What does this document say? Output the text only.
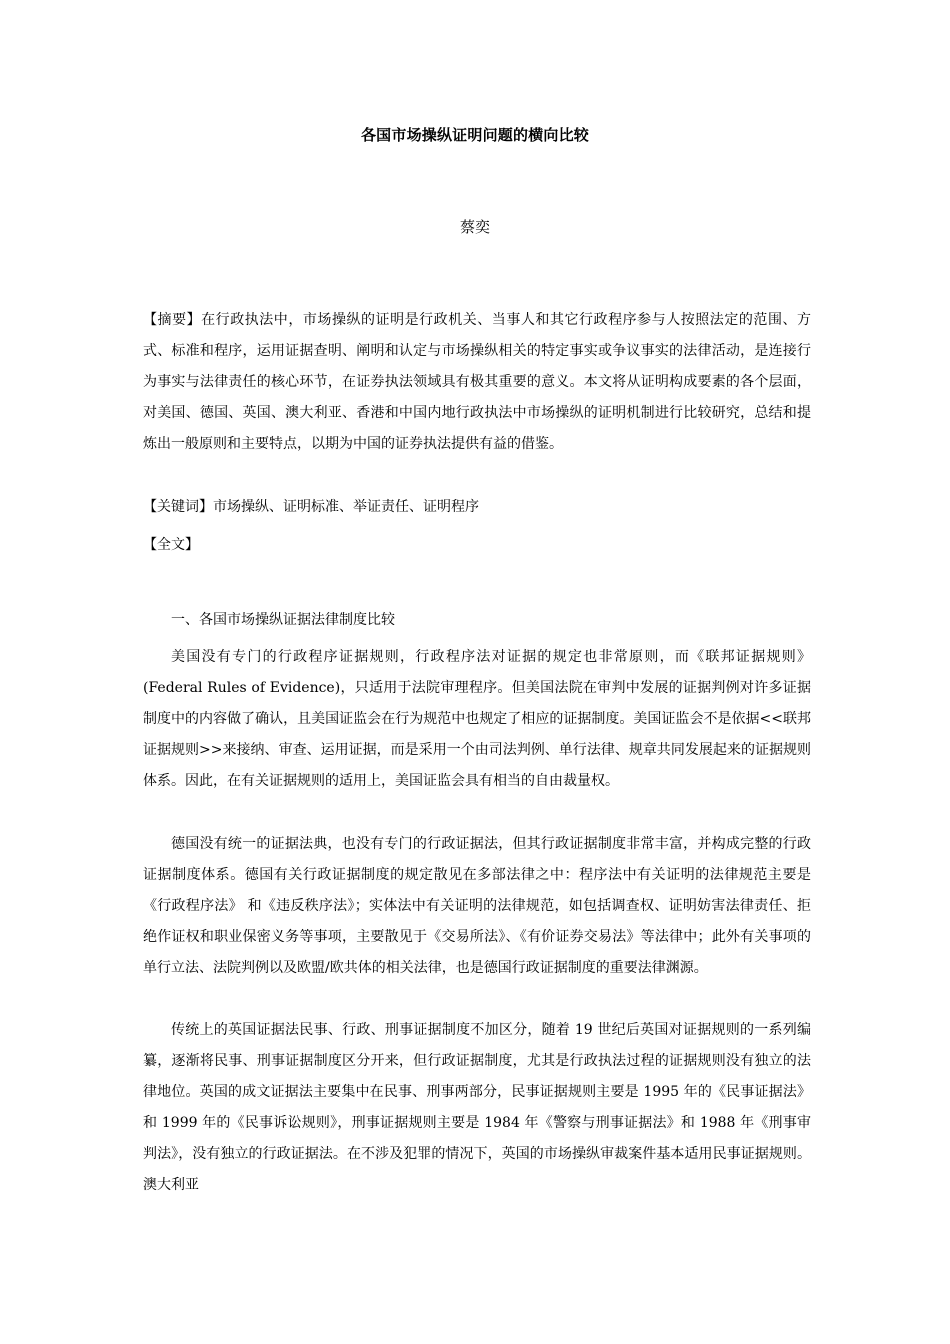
各国市场操纵证明问题的横向比较
蔡奕
【摘要】在行政执法中，市场操纵的证明是行政机关、当事人和其它行政程序参与人按照法定的范围、方式、标准和程序，运用证据查明、阐明和认定与市场操纵相关的特定事实或争议事实的法律活动，是连接行为事实与法律责任的核心环节，在证券执法领域具有极其重要的意义。本文将从证明构成要素的各个层面，对美国、德国、英国、澳大利亚、香港和中国内地行政执法中市场操纵的证明机制进行比较研究，总结和提炼出一般原则和主要特点，以期为中国的证券执法提供有益的借鉴。
【关键词】市场操纵、证明标准、举证责任、证明程序
【全文】
一、各国市场操纵证据法律制度比较
美国没有专门的行政程序证据规则，行政程序法对证据的规定也非常原则，而《联邦证据规则》(Federal Rules of Evidence)，只适用于法院审理程序。但美国法院在审判中发展的证据判例对许多证据制度中的内容做了确认，且美国证监会在行为规范中也规定了相应的证据制度。美国证监会不是依据<<联邦证据规则>>来接纳、审查、运用证据，而是采用一个由司法判例、单行法律、规章共同发展起来的证据规则体系。因此，在有关证据规则的适用上，美国证监会具有相当的自由裁量权。
德国没有统一的证据法典，也没有专门的行政证据法，但其行政证据制度非常丰富，并构成完整的行政证据制度体系。德国有关行政证据制度的规定散见在多部法律之中：程序法中有关证明的法律规范主要是《行政程序法》 和《违反秩序法》；实体法中有关证明的法律规范，如包括调查权、证明妨害法律责任、拒绝作证权和职业保密义务等事项，主要散见于《交易所法》、《有价证券交易法》等法律中；此外有关事项的单行立法、法院判例以及欧盟/欧共体的相关法律，也是德国行政证据制度的重要法律渊源。
传统上的英国证据法民事、行政、刑事证据制度不加区分，随着 19 世纪后英国对证据规则的一系列编纂，逐渐将民事、刑事证据制度区分开来，但行政证据制度，尤其是行政执法过程的证据规则没有独立的法律地位。英国的成文证据法主要集中在民事、刑事两部分，民事证据规则主要是 1995 年的《民事证据法》和 1999 年的《民事诉讼规则》，刑事证据规则主要是 1984 年《警察与刑事证据法》和 1988 年《刑事审判法》，没有独立的行政证据法。在不涉及犯罪的情况下，英国的市场操纵审裁案件基本适用民事证据规则。澳大利亚
